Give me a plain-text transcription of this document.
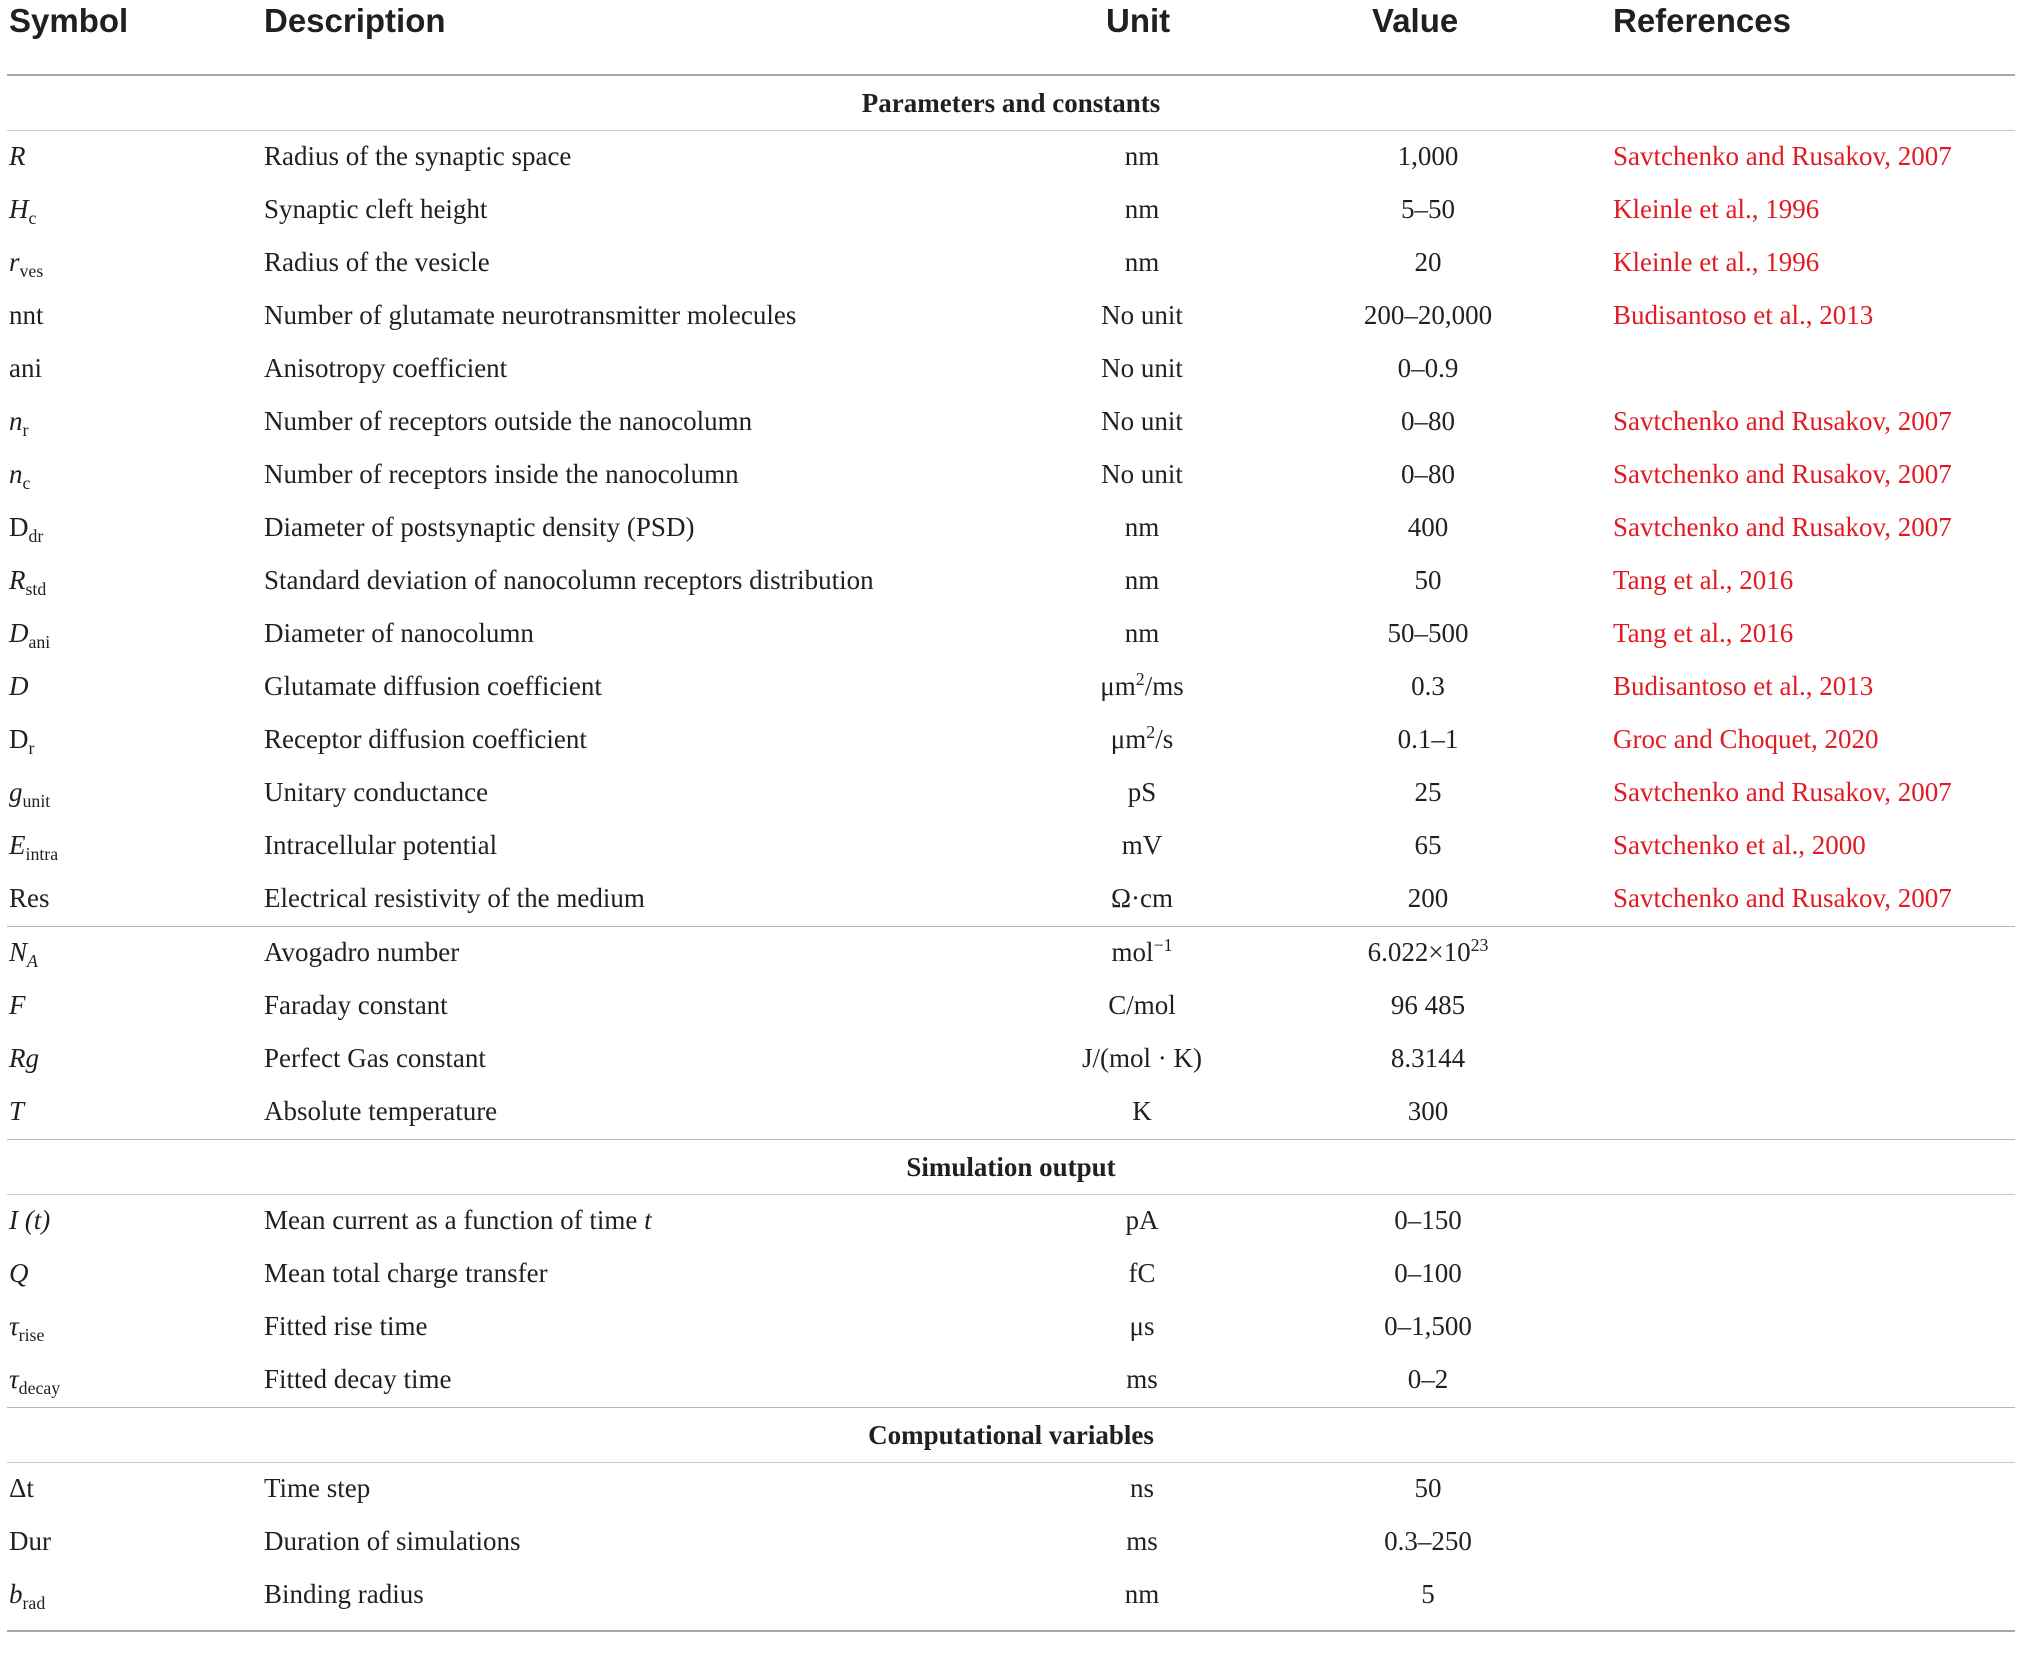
Symbol	Description	Unit	Value	References
Parameters and constants
R	Radius of the synaptic space	nm	1,000	Savtchenko and Rusakov, 2007
$H_c$	Synaptic cleft height	nm	5–50	Kleinle et al., 1996
$r_{ves}$	Radius of the vesicle	nm	20	Kleinle et al., 1996
nnt	Number of glutamate neurotransmitter molecules	No unit	200–20,000	Budisantoso et al., 2013
ani	Anisotropy coefficient	No unit	0–0.9
$n_r$	Number of receptors outside the nanocolumn	No unit	0–80	Savtchenko and Rusakov, 2007
$n_c$	Number of receptors inside the nanocolumn	No unit	0–80	Savtchenko and Rusakov, 2007
$D_{dr}$	Diameter of postsynaptic density (PSD)	nm	400	Savtchenko and Rusakov, 2007
$R_{std}$	Standard deviation of nanocolumn receptors distribution	nm	50	Tang et al., 2016
$D_{ani}$	Diameter of nanocolumn	nm	50–500	Tang et al., 2016
D	Glutamate diffusion coefficient	$\mu m^2/ms$	0.3	Budisantoso et al., 2013
$D_r$	Receptor diffusion coefficient	$\mu m^2/s$	0.1–1	Groc and Choquet, 2020
$g_{unit}$	Unitary conductance	pS	25	Savtchenko and Rusakov, 2007
$E_{intra}$	Intracellular potential	mV	65	Savtchenko et al., 2000
Res	Electrical resistivity of the medium	Ω·cm	200	Savtchenko and Rusakov, 2007
$N_A$	Avogadro number	mol$^{-1}$	$6.022\times 10^{23}$
F	Faraday constant	C/mol	96 485
Rg	Perfect Gas constant	J/(mol · K)	8.3144
T	Absolute temperature	K	300
Simulation output
I (t)	Mean current as a function of time t	pA	0–150
Q	Mean total charge transfer	fC	0–100
$\tau_{rise}$	Fitted rise time	μs	0–1,500
$\tau_{decay}$	Fitted decay time	ms	0–2
Computational variables
Δt	Time step	ns	50
Dur	Duration of simulations	ms	0.3–250
$b_{rad}$	Binding radius	nm	5
